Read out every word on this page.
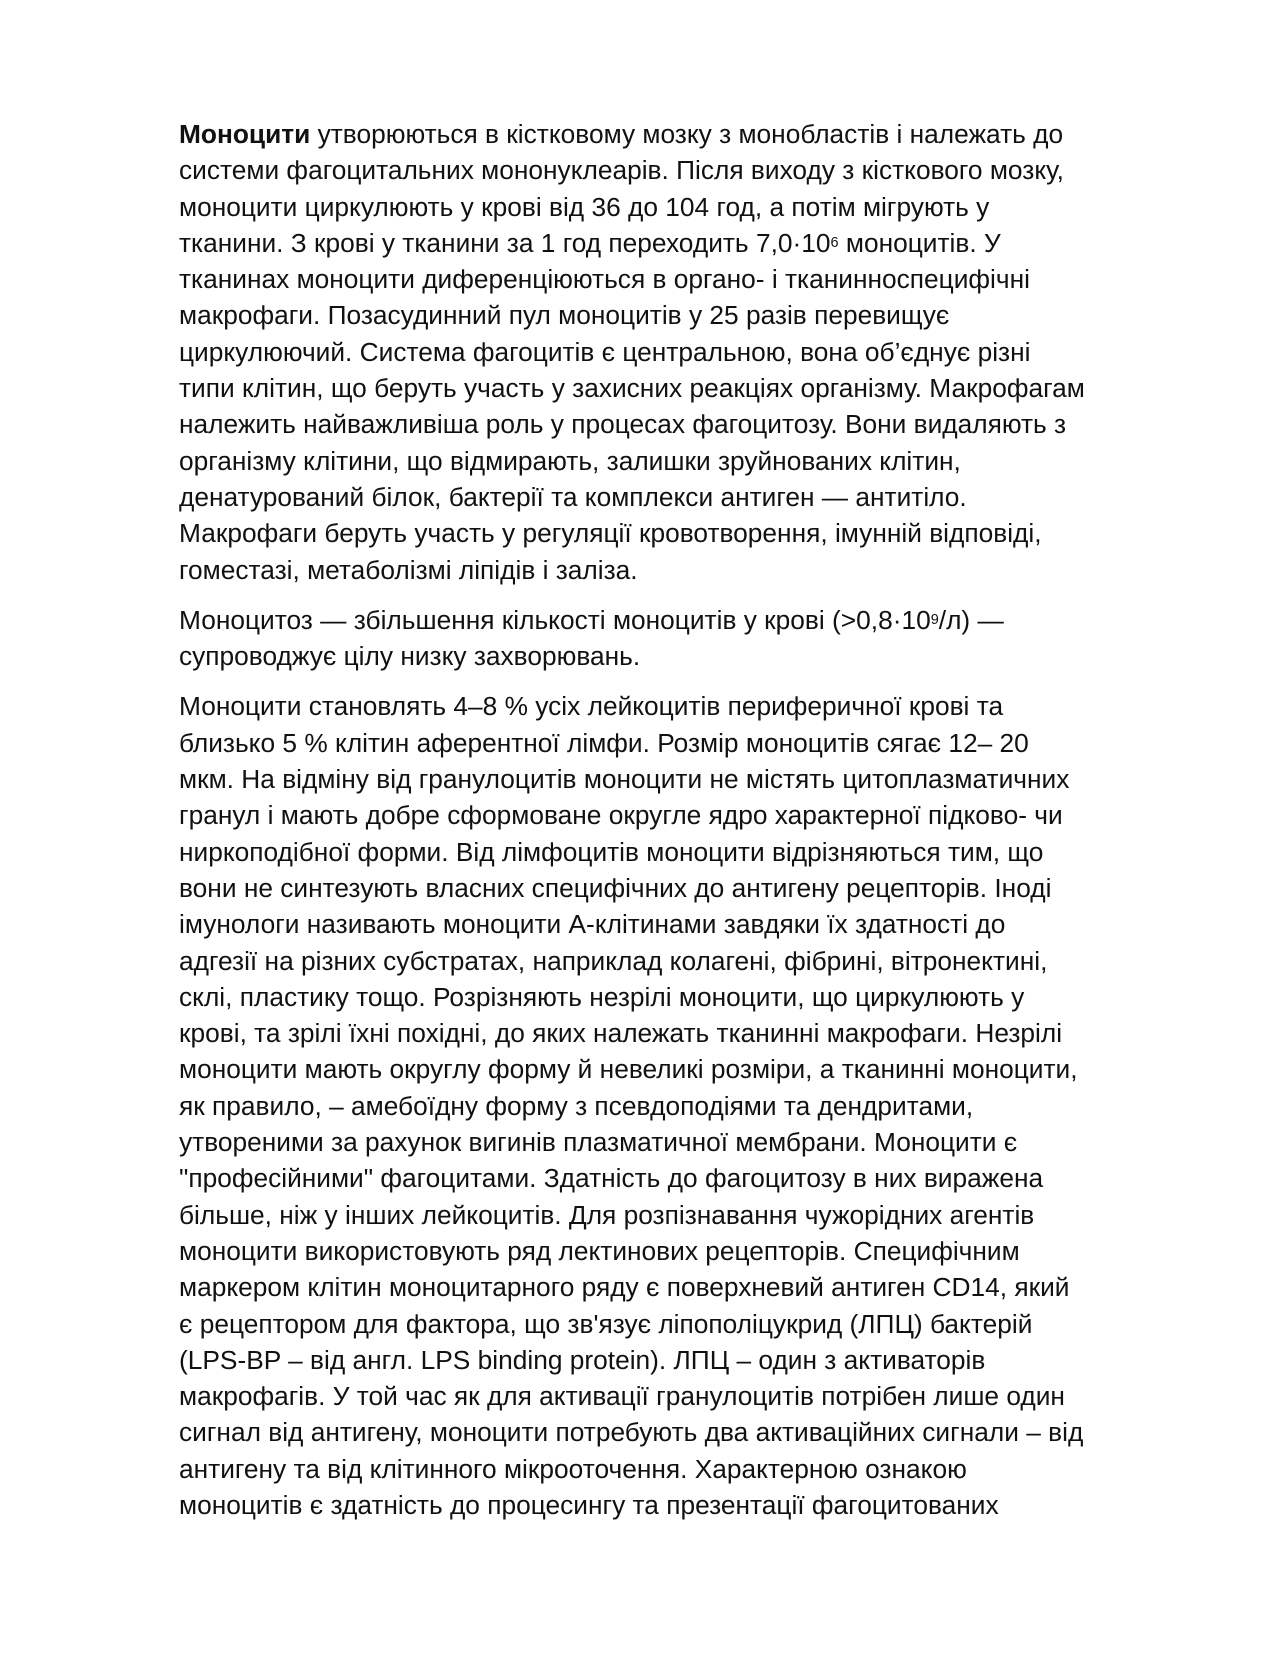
Моноцити утворюються в кістковому мозку з монобластів і належать до
системи фагоцитальних мононуклеарів. Після виходу з кісткового мозку,
моноцити циркулюють у крові від 36 до 104 год, а потім мігрують у
тканини. З крові у тканини за 1 год переходить $7,0\cdot 10^6$ моноцитів. У
тканинах моноцити диференціюються в органо- і тканинноспецифічні
макрофаги. Позасудинний пул моноцитів у 25 разів перевищує
циркулюючий. Система фагоцитів є центральною, вона об’єднує різні
типи клітин, що беруть участь у захисних реакціях організму. Макрофагам
належить найважливіша роль у процесах фагоцитозу. Вони видаляють з
організму клітини, що відмирають, залишки зруйнованих клітин,
денатурований білок, бактерії та комплекси антиген — антитіло.
Макрофаги беруть участь у регуляції кровотворення, імунній відповіді,
гоместазі, метаболізмі ліпідів і заліза.
Моноцитоз — збільшення кількості моноцитів у крові $(>0,8\cdot 10^9/л)$ —
супроводжує цілу низку захворювань.
Моноцити становлять 4–8 % усіх лейкоцитів периферичної крові та
близько 5 % клітин аферентної лімфи. Розмір моноцитів сягає 12– 20
мкм. На відміну від гранулоцитів моноцити не містять цитоплазматичних
гранул і мають добре сформоване округле ядро характерної підково- чи
ниркоподібної форми. Від лімфоцитів моноцити відрізняються тим, що
вони не синтезують власних специфічних до антигену рецепторів. Іноді
імунологи називають моноцити А-клітинами завдяки їх здатності до
адгезії на різних субстратах, наприклад колагені, фібрині, вітронектині,
склі, пластику тощо. Розрізняють незрілі моноцити, що циркулюють у
крові, та зрілі їхні похідні, до яких належать тканинні макрофаги. Незрілі
моноцити мають округлу форму й невеликі розміри, а тканинні моноцити,
як правило, – амебоїдну форму з псевдоподіями та дендритами,
утвореними за рахунок вигинів плазматичної мембрани. Моноцити є
"професійними" фагоцитами. Здатність до фагоцитозу в них виражена
більше, ніж у інших лейкоцитів. Для розпізнавання чужорідних агентів
моноцити використовують ряд лектинових рецепторів. Специфічним
маркером клітин моноцитарного ряду є поверхневий антиген CD14, який
є рецептором для фактора, що зв'язує ліпополіцукрид (ЛПЦ) бактерій
(LPS-BP – від англ. LPS binding protein). ЛПЦ – один з активаторів
макрофагів. У той час як для активації гранулоцитів потрібен лише один
сигнал від антигену, моноцити потребують два активаційних сигнали – від
антигену та від клітинного мікрооточення. Характерною ознакою
моноцитів є здатність до процесингу та презентації фагоцитованих
